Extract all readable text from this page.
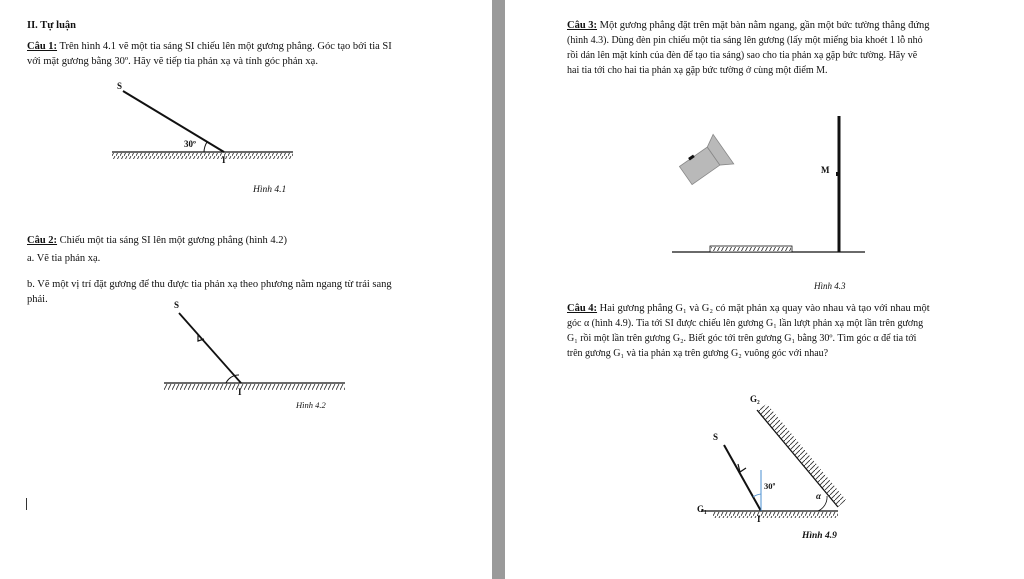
II. Tự luận
Câu 1: Trên hình 4.1 vẽ một tia sáng SI chiếu lên một gương phẳng. Góc tạo bởi tia SI
với mặt gương bằng 30º. Hãy vẽ tiếp tia phản xạ và tính góc phản xạ.
S
30º
I
Hình 4.1
Câu 2: Chiếu một tia sáng SI lên một gương phẳng (hình 4.2)
a. Vẽ tia phản xạ.
b. Vẽ một vị trí đặt gương để thu được tia phản xạ theo phương nằm ngang từ trái sang
phải.	S
I
Hình 4.2
Câu 3: Một gương phẳng đặt trên mặt bàn nằm ngang, gần một bức tường thẳng đứng
(hình 4.3). Dùng đèn pin chiếu một tia sáng lên gương (lấy một miếng bìa khoét 1 lỗ nhỏ
rồi dán lên mặt kính của đèn để tạo tia sáng) sao cho tia phản xạ gặp bức tường. Hãy vẽ
hai tia tới cho hai tia phản xạ gặp bức tường ở cùng một điểm M.
M
Hình 4.3
Câu 4: Hai gương phẳng G₁ và G₂ có mặt phản xạ quay vào nhau và tạo với nhau một
góc α (hình 4.9). Tia tới SI được chiếu lên gương G₁ lần lượt phản xạ một lần trên gương
G₁ rồi một lần trên gương G₂. Biết góc tới trên gương G₁ bằng 30º. Tìm góc α để tia tới
trên gương G₁ và tia phản xạ trên gương G₂ vuông góc với nhau?
G₂
S
30º
α
G₁
I
Hình 4.9
